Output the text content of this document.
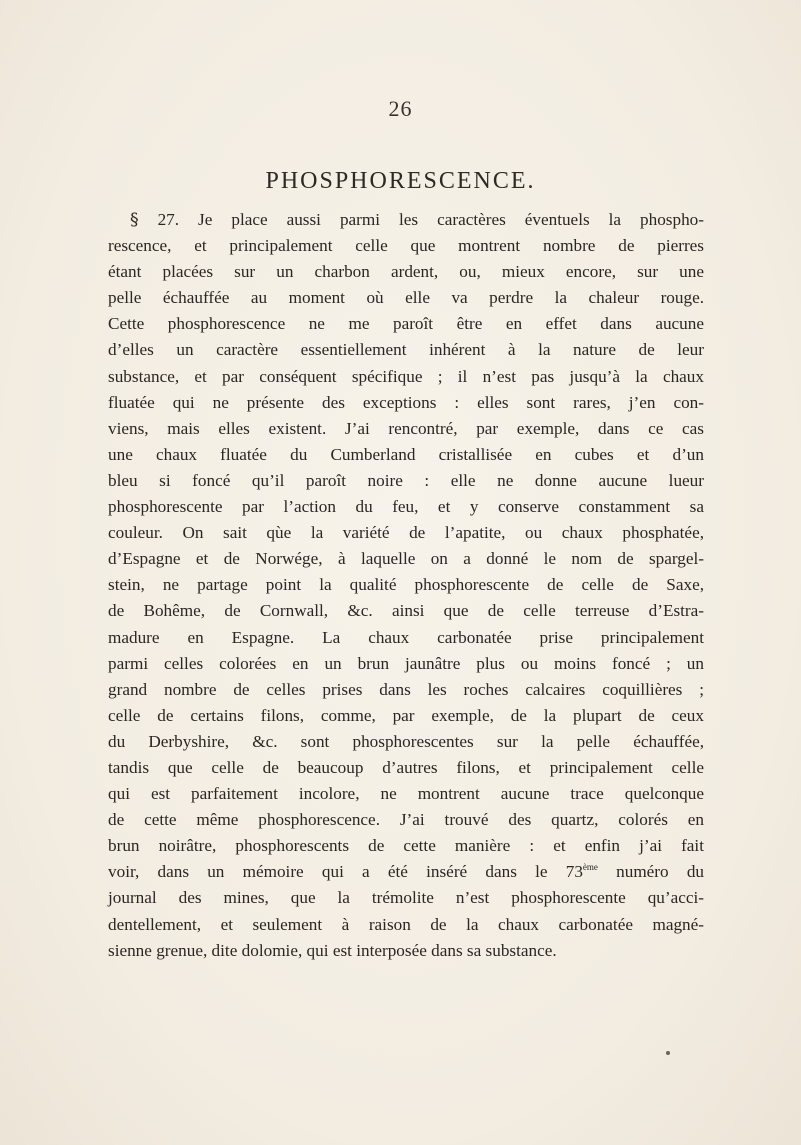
26
PHOSPHORESCENCE.
§ 27. Je place aussi parmi les caractères éventuels la phospho-
rescence, et principalement celle que montrent nombre de pierres
étant placées sur un charbon ardent, ou, mieux encore, sur une
pelle échauffée au moment où elle va perdre la chaleur rouge.
Cette phosphorescence ne me paroît être en effet dans aucune
d’elles un caractère essentiellement inhérent à la nature de leur
substance, et par conséquent spécifique ; il n’est pas jusqu’à la chaux
fluatée qui ne présente des exceptions : elles sont rares, j’en con-
viens, mais elles existent. J’ai rencontré, par exemple, dans ce cas
une chaux fluatée du Cumberland cristallisée en cubes et d’un
bleu si foncé qu’il paroît noire : elle ne donne aucune lueur
phosphorescente par l’action du feu, et y conserve constamment sa
couleur. On sait qùe la variété de l’apatite, ou chaux phosphatée,
d’Espagne et de Norwége, à laquelle on a donné le nom de spargel-
stein, ne partage point la qualité phosphorescente de celle de Saxe,
de Bohême, de Cornwall, &c. ainsi que de celle terreuse d’Estra-
madure en Espagne. La chaux carbonatée prise principalement
parmi celles colorées en un brun jaunâtre plus ou moins foncé ; un
grand nombre de celles prises dans les roches calcaires coquillières ;
celle de certains filons, comme, par exemple, de la plupart de ceux
du Derbyshire, &c. sont phosphorescentes sur la pelle échauffée,
tandis que celle de beaucoup d’autres filons, et principalement celle
qui est parfaitement incolore, ne montrent aucune trace quelconque
de cette même phosphorescence. J’ai trouvé des quartz, colorés en
brun noirâtre, phosphorescents de cette manière : et enfin j’ai fait
voir, dans un mémoire qui a été inséré dans le 73ème numéro du
journal des mines, que la trémolite n’est phosphorescente qu’acci-
dentellement, et seulement à raison de la chaux carbonatée magné-
sienne grenue, dite dolomie, qui est interposée dans sa substance.
